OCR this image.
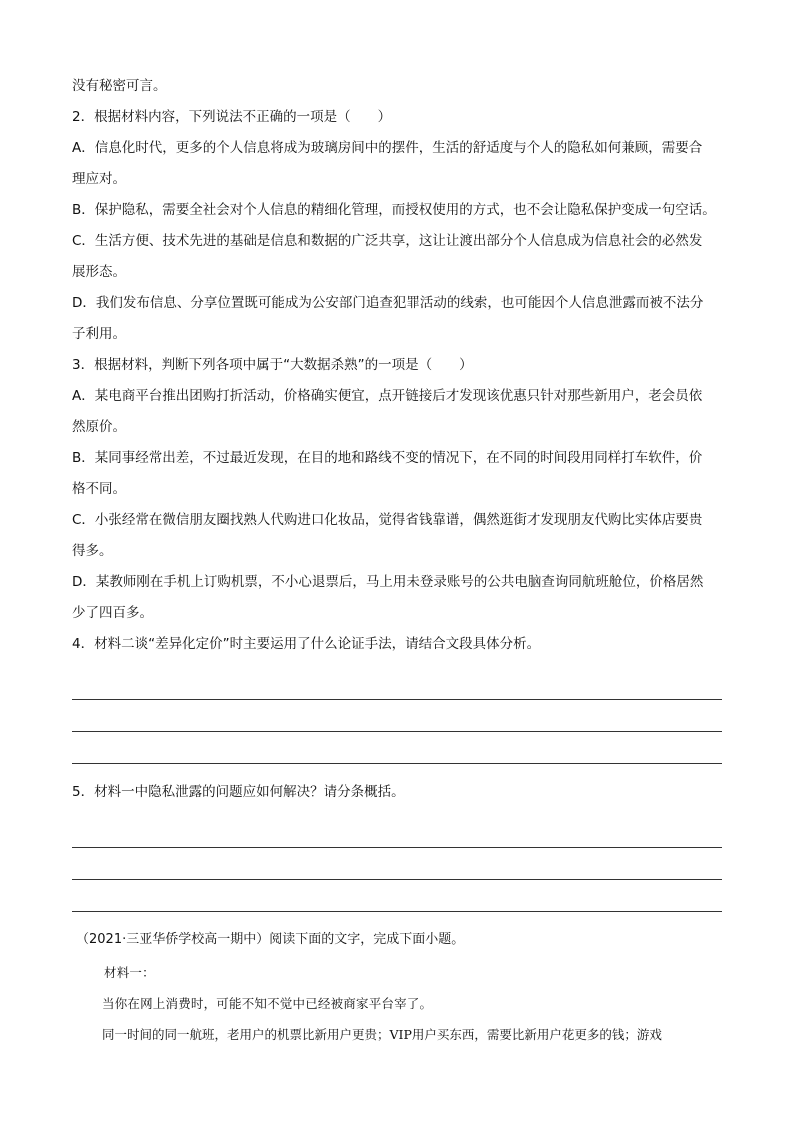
没有秘密可言。

2．根据材料内容，下列说法不正确的一项是（　　）

A．信息化时代，更多的个人信息将成为玻璃房间中的摆件，生活的舒适度与个人的隐私如何兼顾，需要合

理应对。

B．保护隐私，需要全社会对个人信息的精细化管理，而授权使用的方式，也不会让隐私保护变成一句空话。

C．生活方便、技术先进的基础是信息和数据的广泛共享，这让让渡出部分个人信息成为信息社会的必然发

展形态。

D．我们发布信息、分享位置既可能成为公安部门追查犯罪活动的线索，也可能因个人信息泄露而被不法分

子利用。

3．根据材料，判断下列各项中属于“大数据杀熟”的一项是（　　）

A．某电商平台推出团购打折活动，价格确实便宜，点开链接后才发现该优惠只针对那些新用户，老会员依

然原价。

B．某同事经常出差，不过最近发现，在目的地和路线不变的情况下，在不同的时间段用同样打车软件，价

格不同。

C．小张经常在微信朋友圈找熟人代购进口化妆品，觉得省钱靠谱，偶然逛街才发现朋友代购比实体店要贵

得多。

D．某教师刚在手机上订购机票，不小心退票后，马上用未登录账号的公共电脑查询同航班舱位，价格居然

少了四百多。

4．材料二谈“差异化定价”时主要运用了什么论证手法，请结合文段具体分析。

5．材料一中隐私泄露的问题应如何解决？请分条概括。

（2021·三亚华侨学校高一期中）阅读下面的文字，完成下面小题。

材料一：

当你在网上消费时，可能不知不觉中已经被商家平台宰了。

同一时间的同一航班，老用户的机票比新用户更贵；VIP用户买东西，需要比新用户花更多的钱；游戏
